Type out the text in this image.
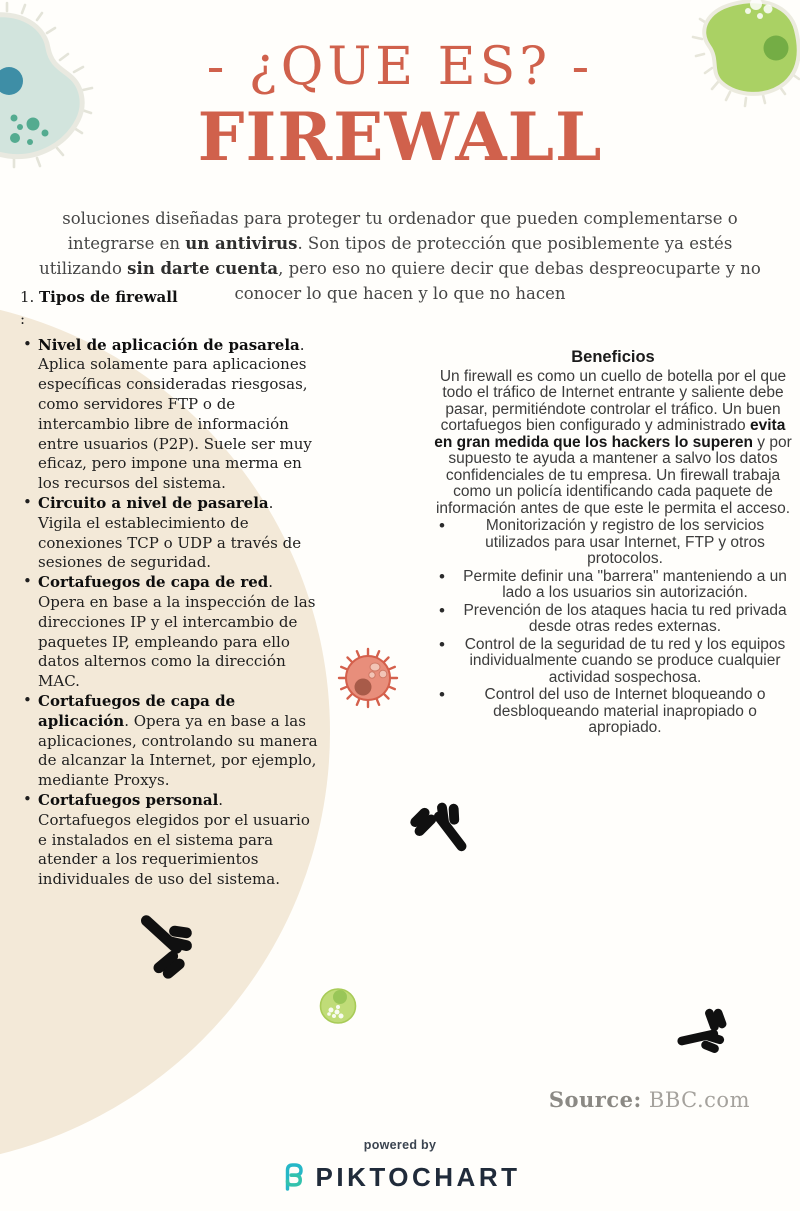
- ¿QUE ES? -
FIREWALL

soluciones diseñadas para proteger tu ordenador que pueden complementarse o integrarse en un antivirus. Son tipos de protección que posiblemente ya estés utilizando sin darte cuenta, pero eso no quiere decir que debas despreocuparte y no conocer lo que hacen y lo que no hacen

1. Tipos de firewall
:
• Nivel de aplicación de pasarela. Aplica solamente para aplicaciones específicas consideradas riesgosas, como servidores FTP o de intercambio libre de información entre usuarios (P2P). Suele ser muy eficaz, pero impone una merma en los recursos del sistema.
• Circuito a nivel de pasarela. Vigila el establecimiento de conexiones TCP o UDP a través de sesiones de seguridad.
• Cortafuegos de capa de red. Opera en base a la inspección de las direcciones IP y el intercambio de paquetes IP, empleando para ello datos alternos como la dirección MAC.
• Cortafuegos de capa de aplicación. Opera ya en base a las aplicaciones, controlando su manera de alcanzar la Internet, por ejemplo, mediante Proxys.
• Cortafuegos personal. Cortafuegos elegidos por el usuario e instalados en el sistema para atender a los requerimientos individuales de uso del sistema.
Beneficios
Un firewall es como un cuello de botella por el que todo el tráfico de Internet entrante y saliente debe pasar, permitiéndote controlar el tráfico. Un buen cortafuegos bien configurado y administrado evita en gran medida que los hackers lo superen y por supuesto te ayuda a mantener a salvo los datos confidenciales de tu empresa. Un firewall trabaja como un policía identificando cada paquete de información antes de que este le permita el acceso.
•	Monitorización y registro de los servicios utilizados para usar Internet, FTP y otros protocolos.
• Permite definir una "barrera" manteniendo a un lado a los usuarios sin autorización.
• Prevención de los ataques hacia tu red privada desde otras redes externas.
• Control de la seguridad de tu red y los equipos individualmente cuando se produce cualquier actividad sospechosa.
•	Control del uso de Internet bloqueando o desbloqueando material inapropiado o apropiado.
Source: BBC.com
powered by
PIKTOCHART
